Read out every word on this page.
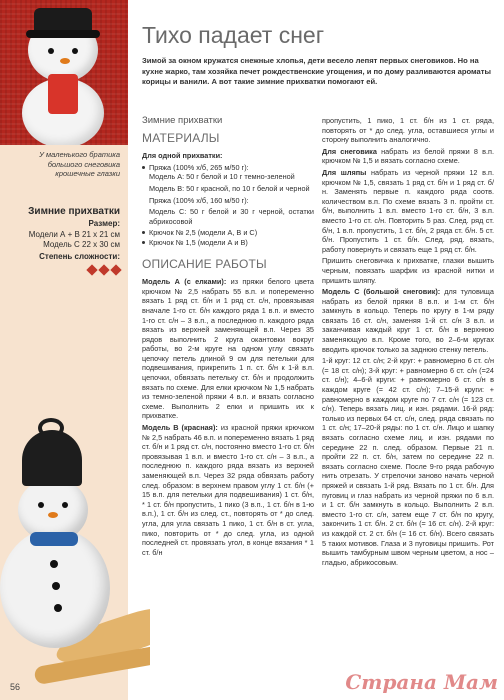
У маленького братика большого снеговика крошечные глазки
Зимние прихватки
Размер:
Модели А + В 21 x 21 см
Модель С 22 x 30 см
Степень сложности:
56
Тихо падает снег
Зимой за окном кружатся снежные хлопья, дети весело лепят первых снеговиков. Но на кухне жарко, там хозяйка печет рождественские угощения, и по дому разливаются ароматы корицы и ванили. А вот такие зимние прихватки помогают ей.
Зимние прихватки
МАТЕРИАЛЫ
Для одной прихватки:
Пряжа (100% х/б, 265 м/50 г):
Модель А: 50 г белой и 10 г темно-зеленой
Модель В: 50 г красной, по 10 г белой и черной
Пряжа (100% х/б, 160 м/50 г):
Модель С: 50 г белой и 30 г черной, остатки абрикосовой
Крючок № 2,5 (модели А, В и С)
Крючок № 1,5 (модели А и В)
ОПИСАНИЕ РАБОТЫ
Модель А (с елками): из пряжи белого цвета крючком № 2,5 набрать 55 в.п. и попеременно вязать 1 ряд ст. б/н и 1 ряд ст. с/н, провязывая вначале 1-го ст. б/н каждого ряда 1 в.п. и вместо 1-го ст. с/н – 3 в.п., а последнюю п. каждого ряда вязать из верхней заменяющей в.п. Через 35 рядов выполнить 2 круга окантовки вокруг работы, во 2-м круге на одном углу связать цепочку петель длиной 9 см для петельки для подвешивания, прикрепить 1 п. ст. б/н к 1-й в.п. цепочки, обвязать петельку ст. б/н и продолжить вязать по схеме. Для елки крючком № 1,5 набрать из темно-зеленой пряжи 4 в.п. и вязать согласно схеме. Выполнить 2 елки и пришить их к прихватке.
Модель В (красная): из красной пряжи крючком № 2,5 набрать 46 в.п. и попеременно вязать 1 ряд ст. б/н и 1 ряд ст. с/н, постоянно вместо 1-го ст. б/н провязывая 1 в.п. и вместо 1-го ст. с/н – 3 в.п., а последнюю п. каждого ряда вязать из верхней заменяющей в.п. Через 32 ряда обвязать работу след. образом: в верхнем правом углу 1 ст. б/н (+ 15 в.п. для петельки для подвешивания) 1 ст. б/н, * 1 ст. б/н пропустить, 1 пико (3 в.п., 1 ст. б/н в 1-ю в.п.), 1 ст. б/н из след. ст., повторять от * до след. угла, для угла связать 1 пико, 1 ст. б/н в ст. угла, пико, повторить от * до след. угла, из одной последней ст. провязать угол, в конце вязания * 1 ст. б/н
пропустить, 1 пико, 1 ст. б/н из 1 ст. ряда, повторять от * до след. угла, оставшиеся углы и сторону выполнить аналогично.
Для снеговика набрать из белой пряжи 8 в.п. крючком № 1,5 и вязать согласно схеме.
Для шляпы набрать из черной пряжи 12 в.п. крючком № 1,5, связать 1 ряд ст. б/н и 1 ряд ст. б/н. Заменять первые п. каждого ряда соотв. количеством в.п. По схеме вязать 3 п. пройти ст. б/н, выполнить 1 в.п. вместо 1-го ст. б/н, 3 в.п. вместо 1-го ст. с/н. Повторить 5 раз. След. ряд ст. б/н, 1 в.п. пропустить, 1 ст. б/н, 2 ряда ст. б/н. 5 ст. б/н. Пропустить 1 ст. б/н. След. ряд. вязать, работу повернуть и связать еще 1 ряд ст. б/н.
Пришить снеговичка к прихватке, глазки вышить черным, повязать шарфик из красной нитки и пришить шляпу.
Модель С (большой снеговик): для туловища набрать из белой пряжи 8 в.п. и 1-м ст. б/н замкнуть в кольцо. Теперь по кругу в 1-м ряду связать 16 ст. с/н, заменяя 1-й ст. с/н 3 в.п. и заканчивая каждый круг 1 ст. б/н в верхнюю заменяющую в.п. Кроме того, во 2–6-м кругах вводить крючок только за заднюю стенку петель.
1-й круг: 12 ст. с/н; 2-й круг: + равномерно 6 ст. с/н (= 18 ст. с/н); 3-й круг: + равномерно 6 ст. с/н (=24 ст. с/н); 4–6-й круги: + равномерно 6 ст. с/н в каждом круге (= 42 ст. с/н); 7–15-й круги: + равномерно в каждом круге по 7 ст. с/н (= 123 ст. с/н). Теперь вязать лиц. и изн. рядами. 16-й ряд: только из первых 64 ст. с/н, след. ряда связать по 1 ст. с/н; 17–20-й ряды: по 1 ст. с/н. Лицо и шапку вязать согласно схеме лиц. и изн. рядами по середине 22 п. след. образом. Первые 21 п. пройти 22 п. ст. б/н, затем по середине 22 п. вязать согласно схеме. После 9-го ряда рабочую нить отрезать. У стрелочки заново начать черной пряжей и связать 1-й ряд. Вязать по 1 ст. б/н. Для пуговиц и глаз набрать из черной пряжи по 6 в.п. и 1 ст. б/н замкнуть в кольцо. Выполнить 2 в.п. вместо 1-го ст. с/н, затем еще 7 ст. б/н по кругу, закончить 1 ст. б/н. 2 ст. б/н (= 16 ст. с/н). 2-й круг: из каждой ст. 2 ст. б/н (= 16 ст. б/н). Всего связать 5 таких мотивов. Глаза и 3 пуговицы пришить. Рот вышить тамбурным швом черным цветом, а нос – гладью, абрикосовым.
Страна Мам
